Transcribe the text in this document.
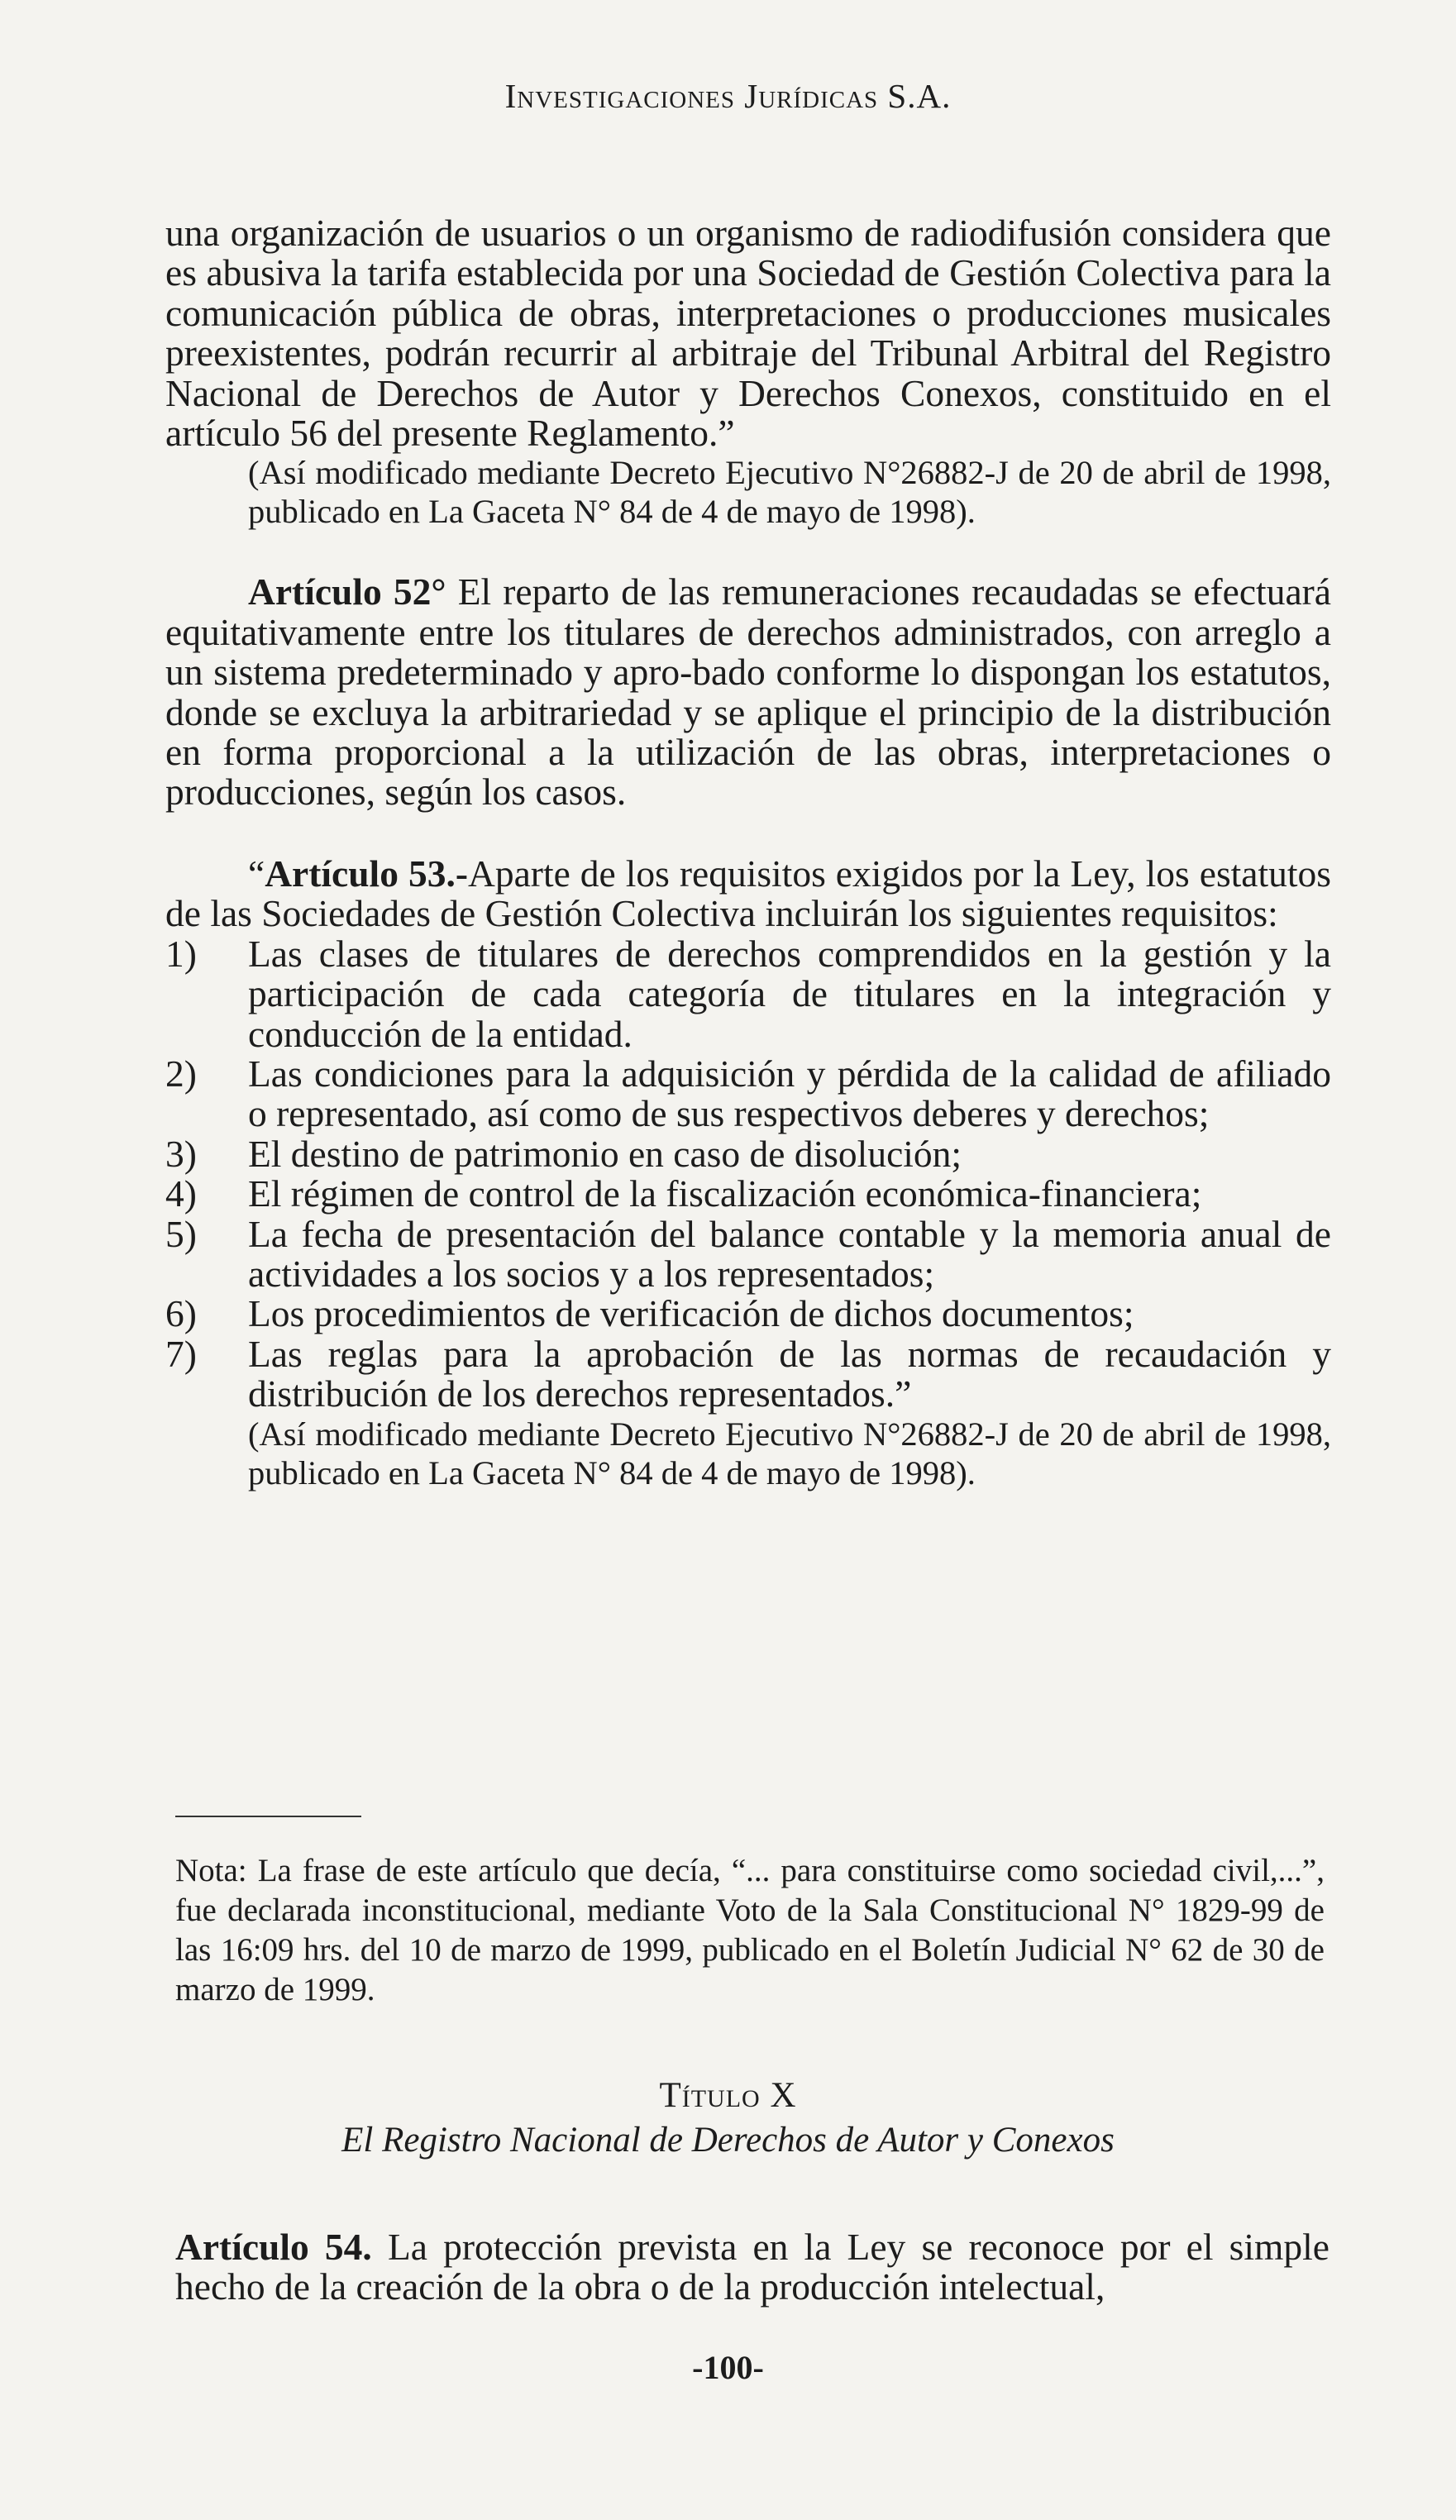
Investigaciones Jurídicas S.A.

una organización de usuarios o un organismo de radiodifusión considera que es abusiva la tarifa establecida por una Sociedad de Gestión Colectiva para la comunicación pública de obras, interpretaciones o producciones musicales preexistentes, podrán recurrir al arbitraje del Tribunal Arbitral del Registro Nacional de Derechos de Autor y Derechos Conexos, constituido en el artículo 56 del presente Reglamento.”

(Así modificado mediante Decreto Ejecutivo N°26882-J de 20 de abril de 1998, publicado en La Gaceta N° 84 de 4 de mayo de 1998).

Artículo 52° El reparto de las remuneraciones recaudadas se efectuará equitativamente entre los titulares de derechos administrados, con arreglo a un sistema predeterminado y apro-bado conforme lo dispongan los estatutos, donde se excluya la arbitrariedad y se aplique el principio de la distribución en forma proporcional a la utilización de las obras, interpretaciones o producciones, según los casos.

“Artículo 53.-Aparte de los requisitos exigidos por la Ley, los estatutos de las Sociedades de Gestión Colectiva incluirán los siguientes requisitos:

1)	Las clases de titulares de derechos comprendidos en la gestión y la participación de cada categoría de titulares en la integración y conducción de la entidad.
2)	Las condiciones para la adquisición y pérdida de la calidad de afiliado o representado, así como de sus respectivos deberes y derechos;
3)	El destino de patrimonio en caso de disolución;
4)	El régimen de control de la fiscalización económica-financiera;
5)	La fecha de presentación del balance contable y la memoria anual de actividades a los socios y a los representados;
6)	Los procedimientos de verificación de dichos documentos;
7)	Las reglas para la aprobación de las normas de recaudación y distribución de los derechos representados.”

(Así modificado mediante Decreto Ejecutivo N°26882-J de 20 de abril de 1998, publicado en La Gaceta N° 84 de 4 de mayo de 1998).

Nota: La frase de este artículo que decía, “... para constituirse como sociedad civil,...”, fue declarada inconstitucional, mediante Voto de la Sala Constitucional N° 1829-99 de las 16:09 hrs. del 10 de marzo de 1999, publicado en el Boletín Judicial N° 62 de 30 de marzo de 1999.

Título X
El Registro Nacional de Derechos de Autor y Conexos

Artículo 54. La protección prevista en la Ley se reconoce por el simple hecho de la creación de la obra o de la producción intelectual,

-100-
